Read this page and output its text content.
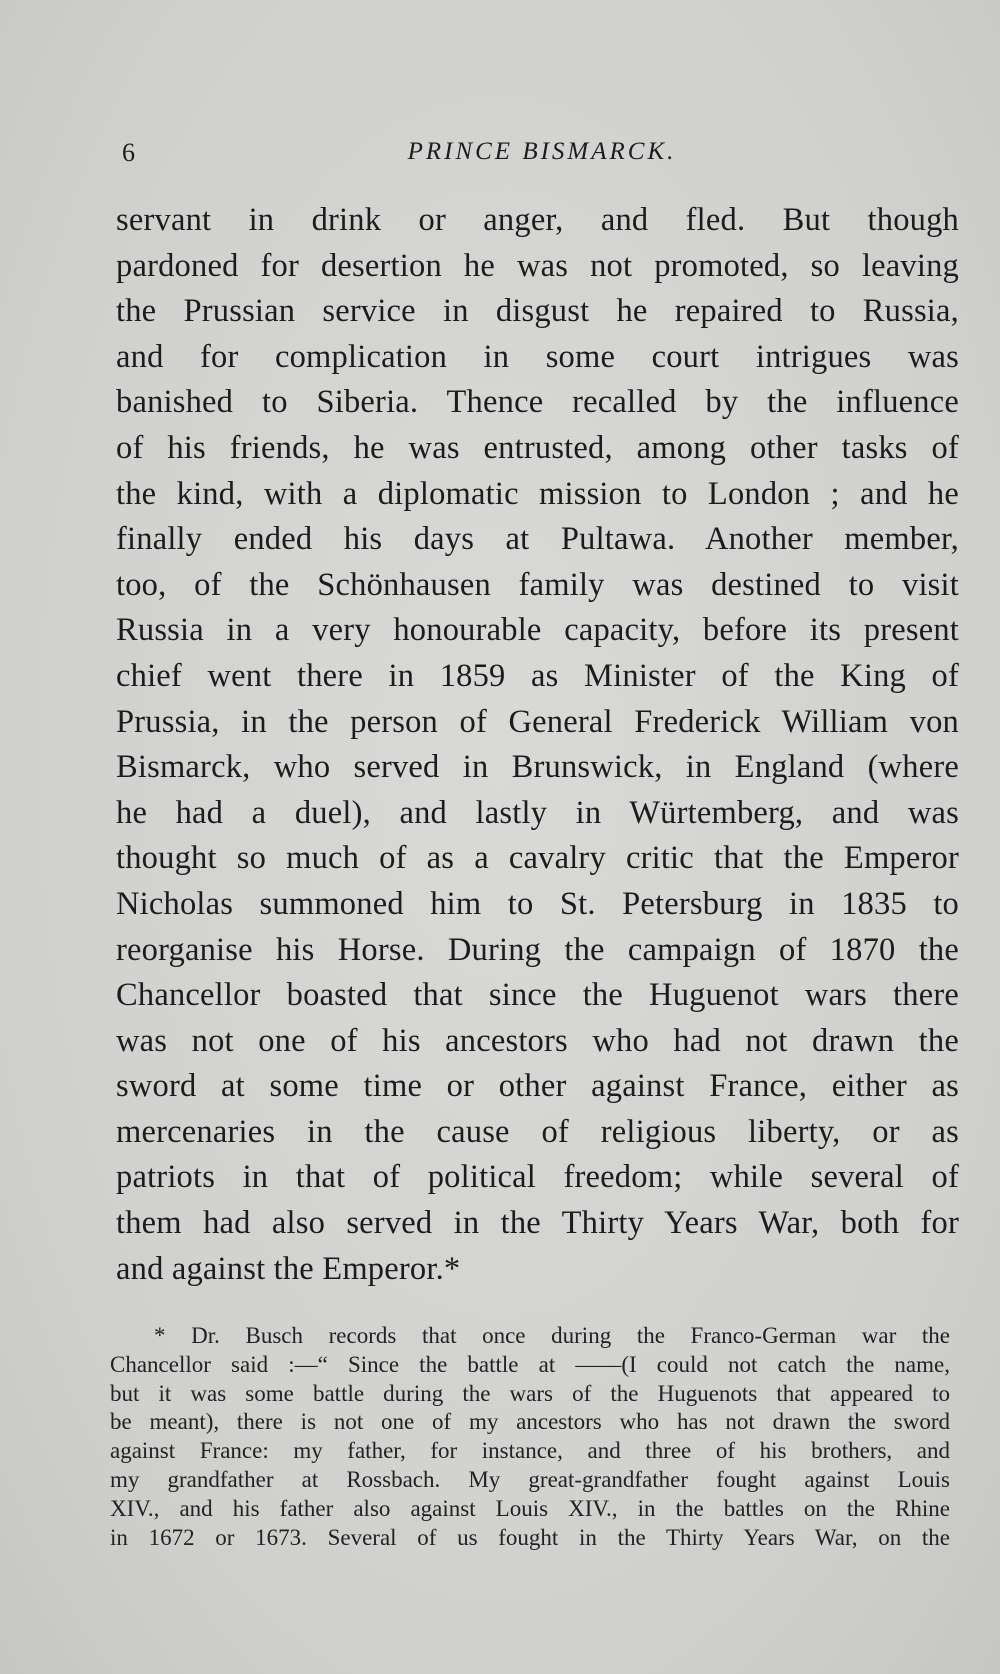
6	PRINCE BISMARCK.
servant in drink or anger, and fled. But though
pardoned for desertion he was not promoted, so leaving
the Prussian service in disgust he repaired to Russia,
and for complication in some court intrigues was
banished to Siberia. Thence recalled by the influence
of his friends, he was entrusted, among other tasks of
the kind, with a diplomatic mission to London ; and he
finally ended his days at Pultawa. Another member,
too, of the Schönhausen family was destined to visit
Russia in a very honourable capacity, before its present
chief went there in 1859 as Minister of the King of
Prussia, in the person of General Frederick William von
Bismarck, who served in Brunswick, in England (where
he had a duel), and lastly in Würtemberg, and was
thought so much of as a cavalry critic that the Emperor
Nicholas summoned him to St. Petersburg in 1835 to
reorganise his Horse. During the campaign of 1870 the
Chancellor boasted that since the Huguenot wars there
was not one of his ancestors who had not drawn the
sword at some time or other against France, either as
mercenaries in the cause of religious liberty, or as
patriots in that of political freedom; while several of
them had also served in the Thirty Years War, both for
and against the Emperor.*
* Dr. Busch records that once during the Franco-German war the
Chancellor said :—“ Since the battle at ——(I could not catch the name,
but it was some battle during the wars of the Huguenots that appeared to
be meant), there is not one of my ancestors who has not drawn the sword
against France: my father, for instance, and three of his brothers, and
my grandfather at Rossbach. My great-grandfather fought against Louis
XIV., and his father also against Louis XIV., in the battles on the Rhine
in 1672 or 1673. Several of us fought in the Thirty Years War, on the
